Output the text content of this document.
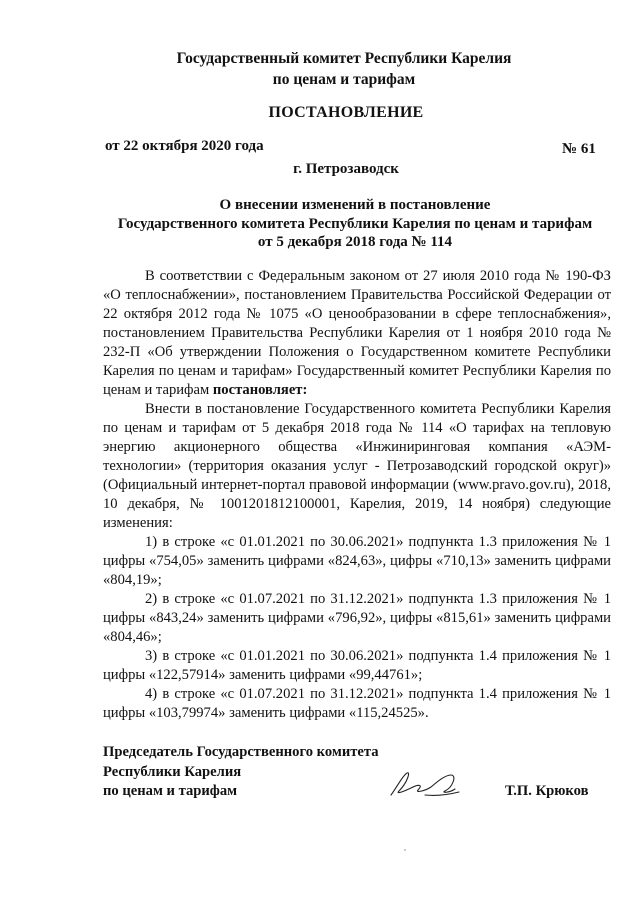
Государственный комитет Республики Карелия
по ценам и тарифам
ПОСТАНОВЛЕНИЕ
от 22 октября 2020 года	№ 61
г. Петрозаводск
О внесении изменений в постановление
Государственного комитета Республики Карелия по ценам и тарифам
от 5 декабря 2018 года № 114

В соответствии с Федеральным законом от 27 июля 2010 года № 190-ФЗ «О теплоснабжении», постановлением Правительства Российской Федерации от 22 октября 2012 года № 1075 «О ценообразовании в сфере теплоснабжения», постановлением Правительства Республики Карелия от 1 ноября 2010 года № 232-П «Об утверждении Положения о Государственном комитете Республики Карелия по ценам и тарифам» Государственный комитет Республики Карелия по ценам и тарифам постановляет:

Внести в постановление Государственного комитета Республики Карелия по ценам и тарифам от 5 декабря 2018 года № 114 «О тарифах на тепловую энергию акционерного общества «Инжиниринговая компания «АЭМ-технологии» (территория оказания услуг - Петрозаводский городской округ)» (Официальный интернет-портал правовой информации (www.pravo.gov.ru), 2018, 10 декабря, № 1001201812100001, Карелия, 2019, 14 ноября) следующие изменения:

1) в строке «с 01.01.2021 по 30.06.2021» подпункта 1.3 приложения № 1 цифры «754,05» заменить цифрами «824,63», цифры «710,13» заменить цифрами «804,19»;

2) в строке «с 01.07.2021 по 31.12.2021» подпункта 1.3 приложения № 1 цифры «843,24» заменить цифрами «796,92», цифры «815,61» заменить цифрами «804,46»;

3) в строке «с 01.01.2021 по 30.06.2021» подпункта 1.4 приложения № 1 цифры «122,57914» заменить цифрами «99,44761»;

4) в строке «с 01.07.2021 по 31.12.2021» подпункта 1.4 приложения № 1 цифры «103,79974» заменить цифрами «115,24525».

Председатель Государственного комитета
Республики Карелия
по ценам и тарифам	Т.П. Крюков
